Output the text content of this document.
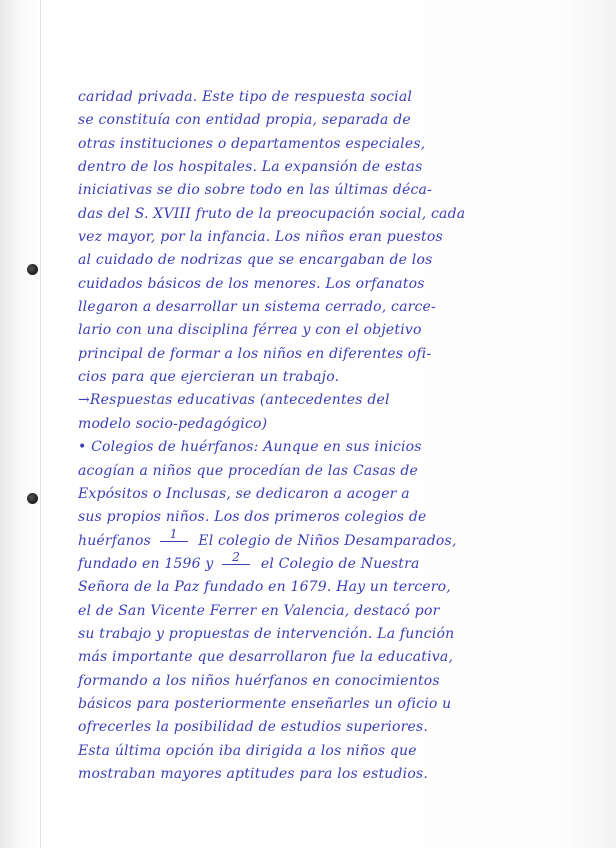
caridad privada. Este tipo de respuesta social
se constituía con entidad propia, separada de
otras instituciones o departamentos especiales,
dentro de los hospitales. La expansión de estas
iniciativas se dio sobre todo en las últimas déca-
das del S. XVIII fruto de la preocupación social, cada
vez mayor, por la infancia. Los niños eran puestos
al cuidado de nodrizas que se encargaban de los
cuidados básicos de los menores. Los orfanatos
llegaron a desarrollar un sistema cerrado, carce-
lario con una disciplina férrea y con el objetivo
principal de formar a los niños en diferentes ofi-
cios para que ejercieran un trabajo.
→Respuestas educativas (antecedentes del
modelo socio-pedagógico)
• Colegios de huérfanos: Aunque en sus inicios
acogían a niños que procedían de las Casas de
Expósitos o Inclusas, se dedicaron a acoger a
sus propios niños. Los dos primeros colegios de
huérfanos	1	El colegio de Niños Desamparados,
fundado en 1596 y	2	el Colegio de Nuestra
Señora de la Paz fundado en 1679. Hay un tercero,
el de San Vicente Ferrer en Valencia, destacó por
su trabajo y propuestas de intervención. La función
más importante que desarrollaron fue la educativa,
formando a los niños huérfanos en conocimientos
básicos para posteriormente enseñarles un oficio u
ofrecerles la posibilidad de estudios superiores.
Esta última opción iba dirigida a los niños que
mostraban mayores aptitudes para los estudios.
